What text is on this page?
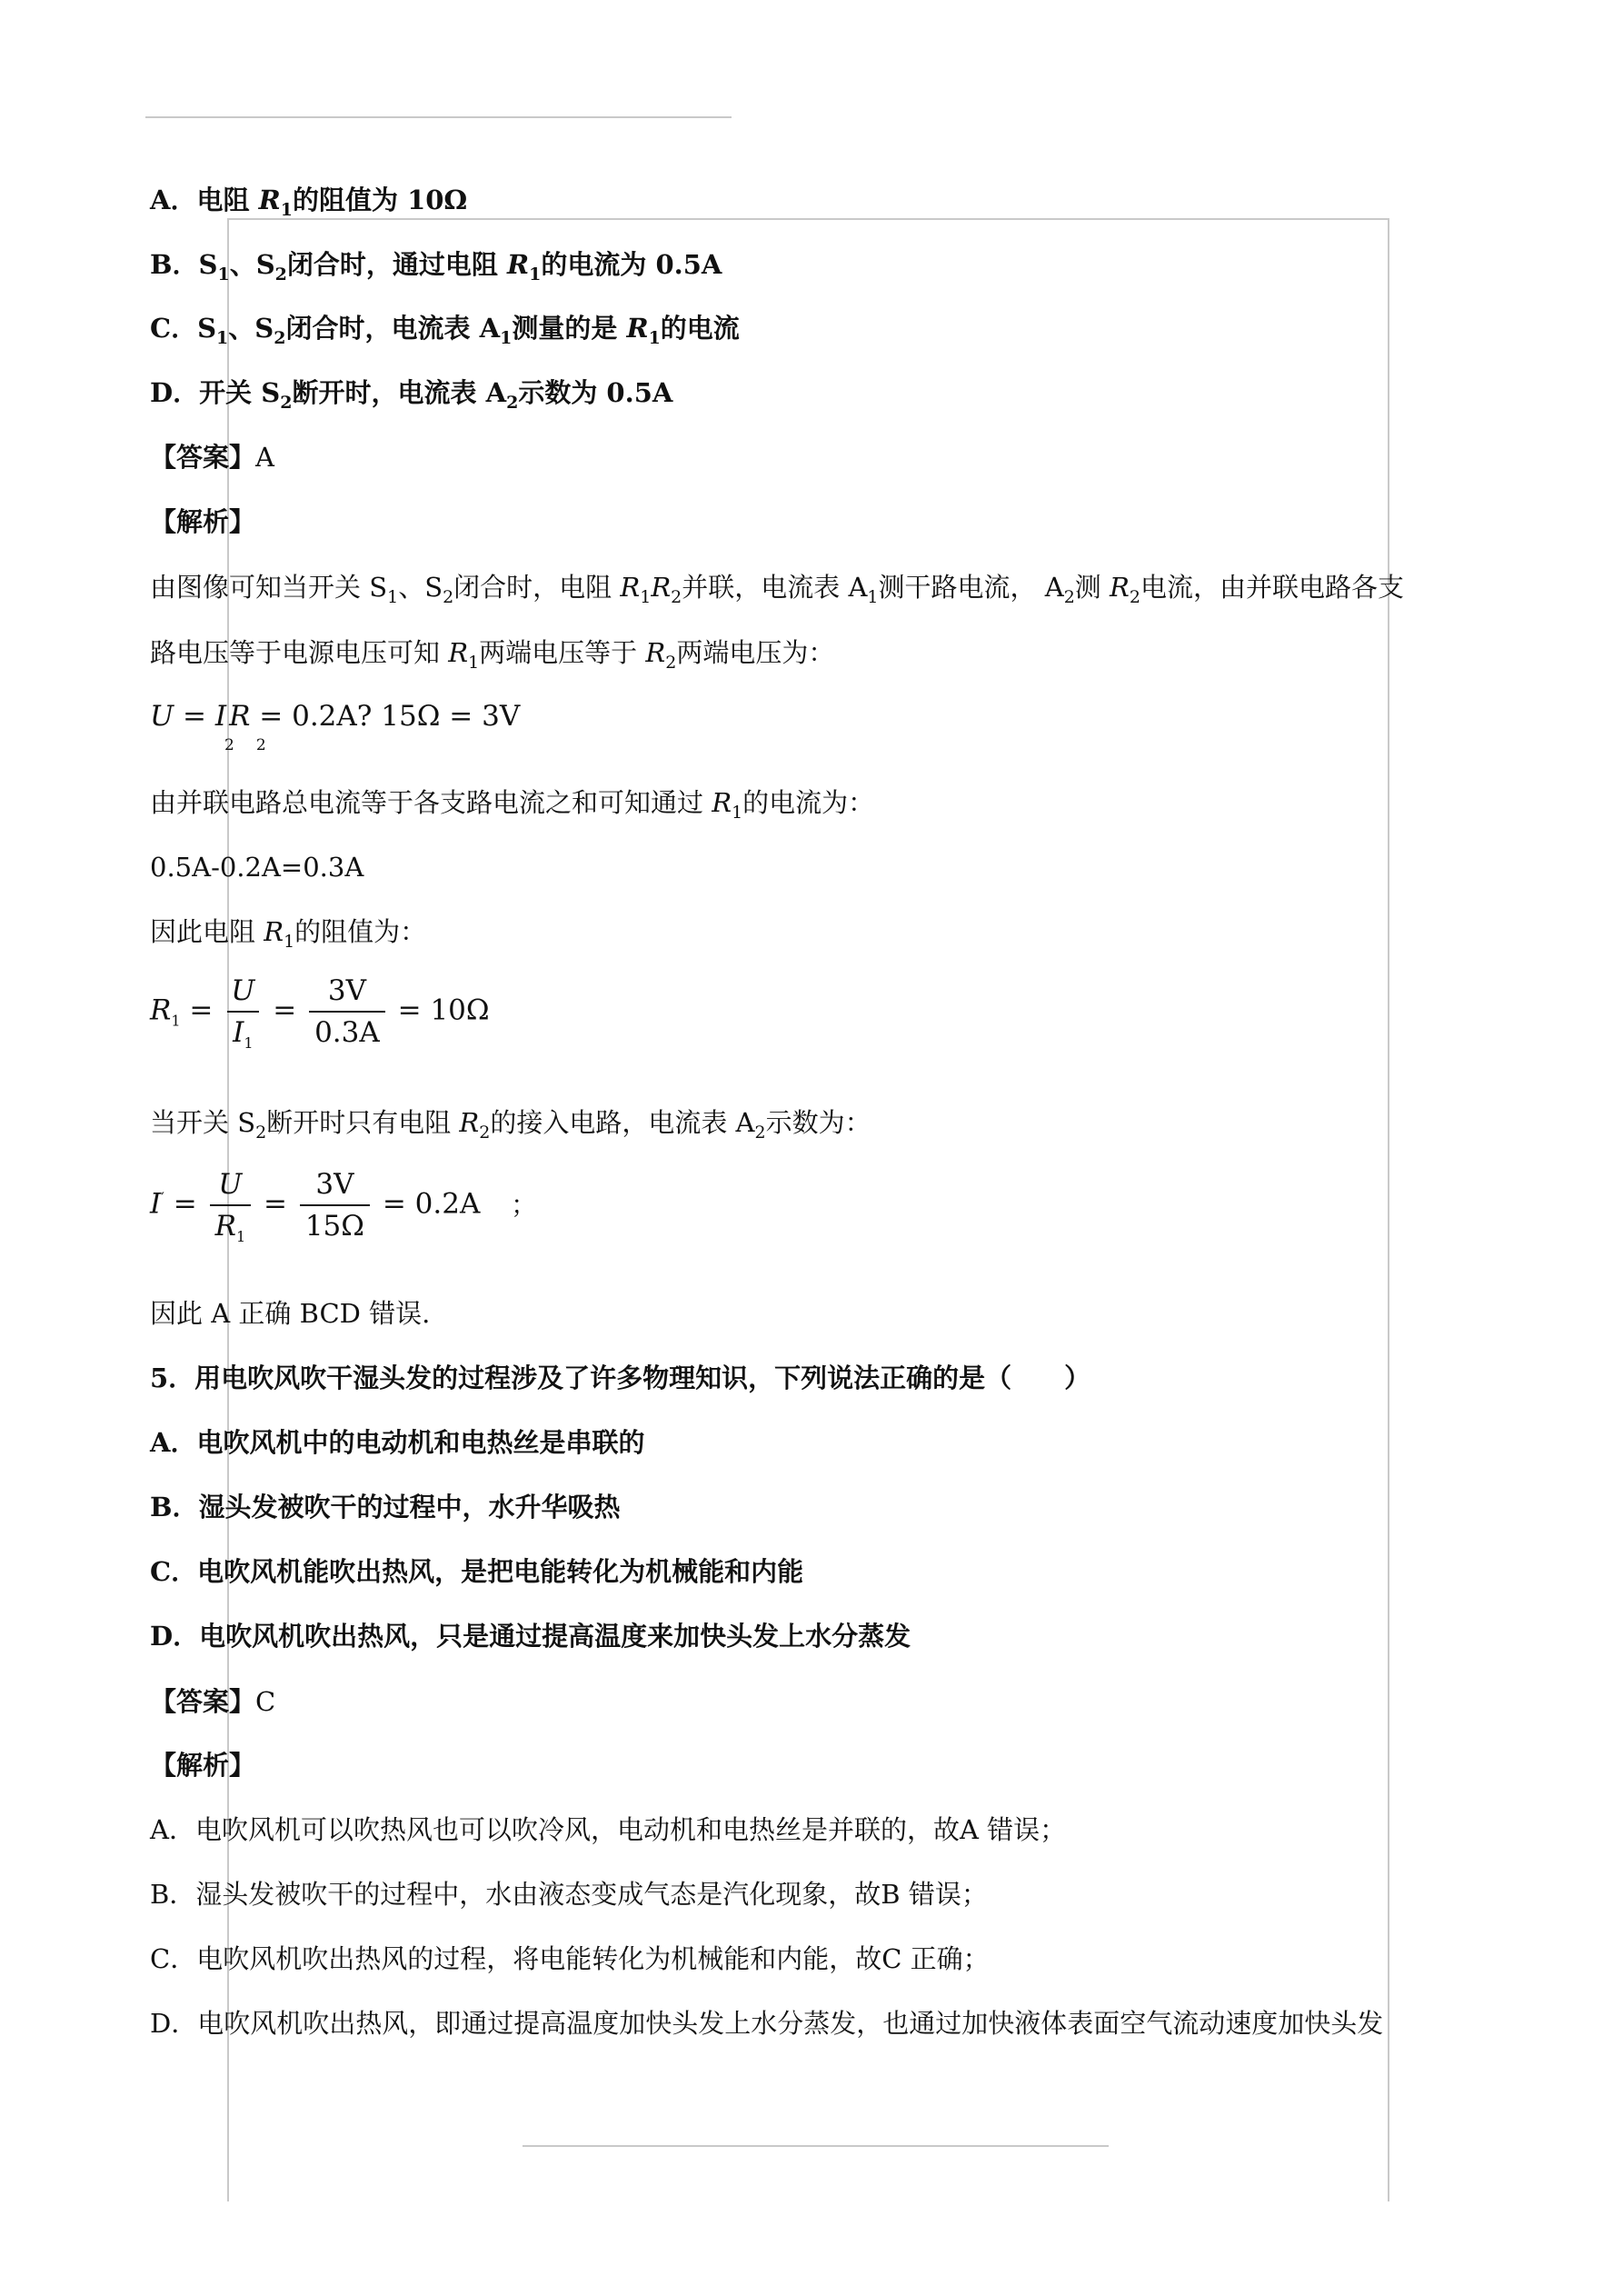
A．电阻 $R_1$的阻值为 10Ω
B．$S_1$、$S_2$闭合时，通过电阻 $R_1$的电流为 0.5A
C．$S_1$、$S_2$闭合时，电流表 $A_1$测量的是 $R_1$的电流
D．开关 $S_2$断开时，电流表 $A_2$示数为 0.5A
【答案】A
【解析】
由图像可知当开关 $S_1$、$S_2$闭合时，电阻 $R_1R_2$并联，电流表 $A_1$测干路电流， $A_2$测 $R_2$电流，由并联电路各支
路电压等于电源电压可知 $R_1$两端电压等于 $R_2$两端电压为：
U = IR = 0.2A? 15Ω = 3V
2 2
由并联电路总电流等于各支路电流之和可知通过 $R_1$的电流为：
0.5A-0.2A=0.3A
因此电阻 $R_1$的阻值为：
$R_1 = \frac{U}{I_1} = \frac{3V}{0.3A} = 10\Omega$
当开关 $S_2$断开时只有电阻 $R_2$的接入电路，电流表 $A_2$示数为：
$I' = \frac{U}{R_1} = \frac{3V}{15\Omega} = 0.2A$ ；
因此 A 正确 BCD 错误.
5．用电吹风吹干湿头发的过程涉及了许多物理知识，下列说法正确的是（　　）
A．电吹风机中的电动机和电热丝是串联的
B．湿头发被吹干的过程中，水升华吸热
C．电吹风机能吹出热风，是把电能转化为机械能和内能
D．电吹风机吹出热风，只是通过提高温度来加快头发上水分蒸发
【答案】C
【解析】
A．电吹风机可以吹热风也可以吹冷风，电动机和电热丝是并联的，故A 错误；
B．湿头发被吹干的过程中，水由液态变成气态是汽化现象，故B 错误；
C．电吹风机吹出热风的过程，将电能转化为机械能和内能，故C 正确；
D．电吹风机吹出热风，即通过提高温度加快头发上水分蒸发，也通过加快液体表面空气流动速度加快头发
